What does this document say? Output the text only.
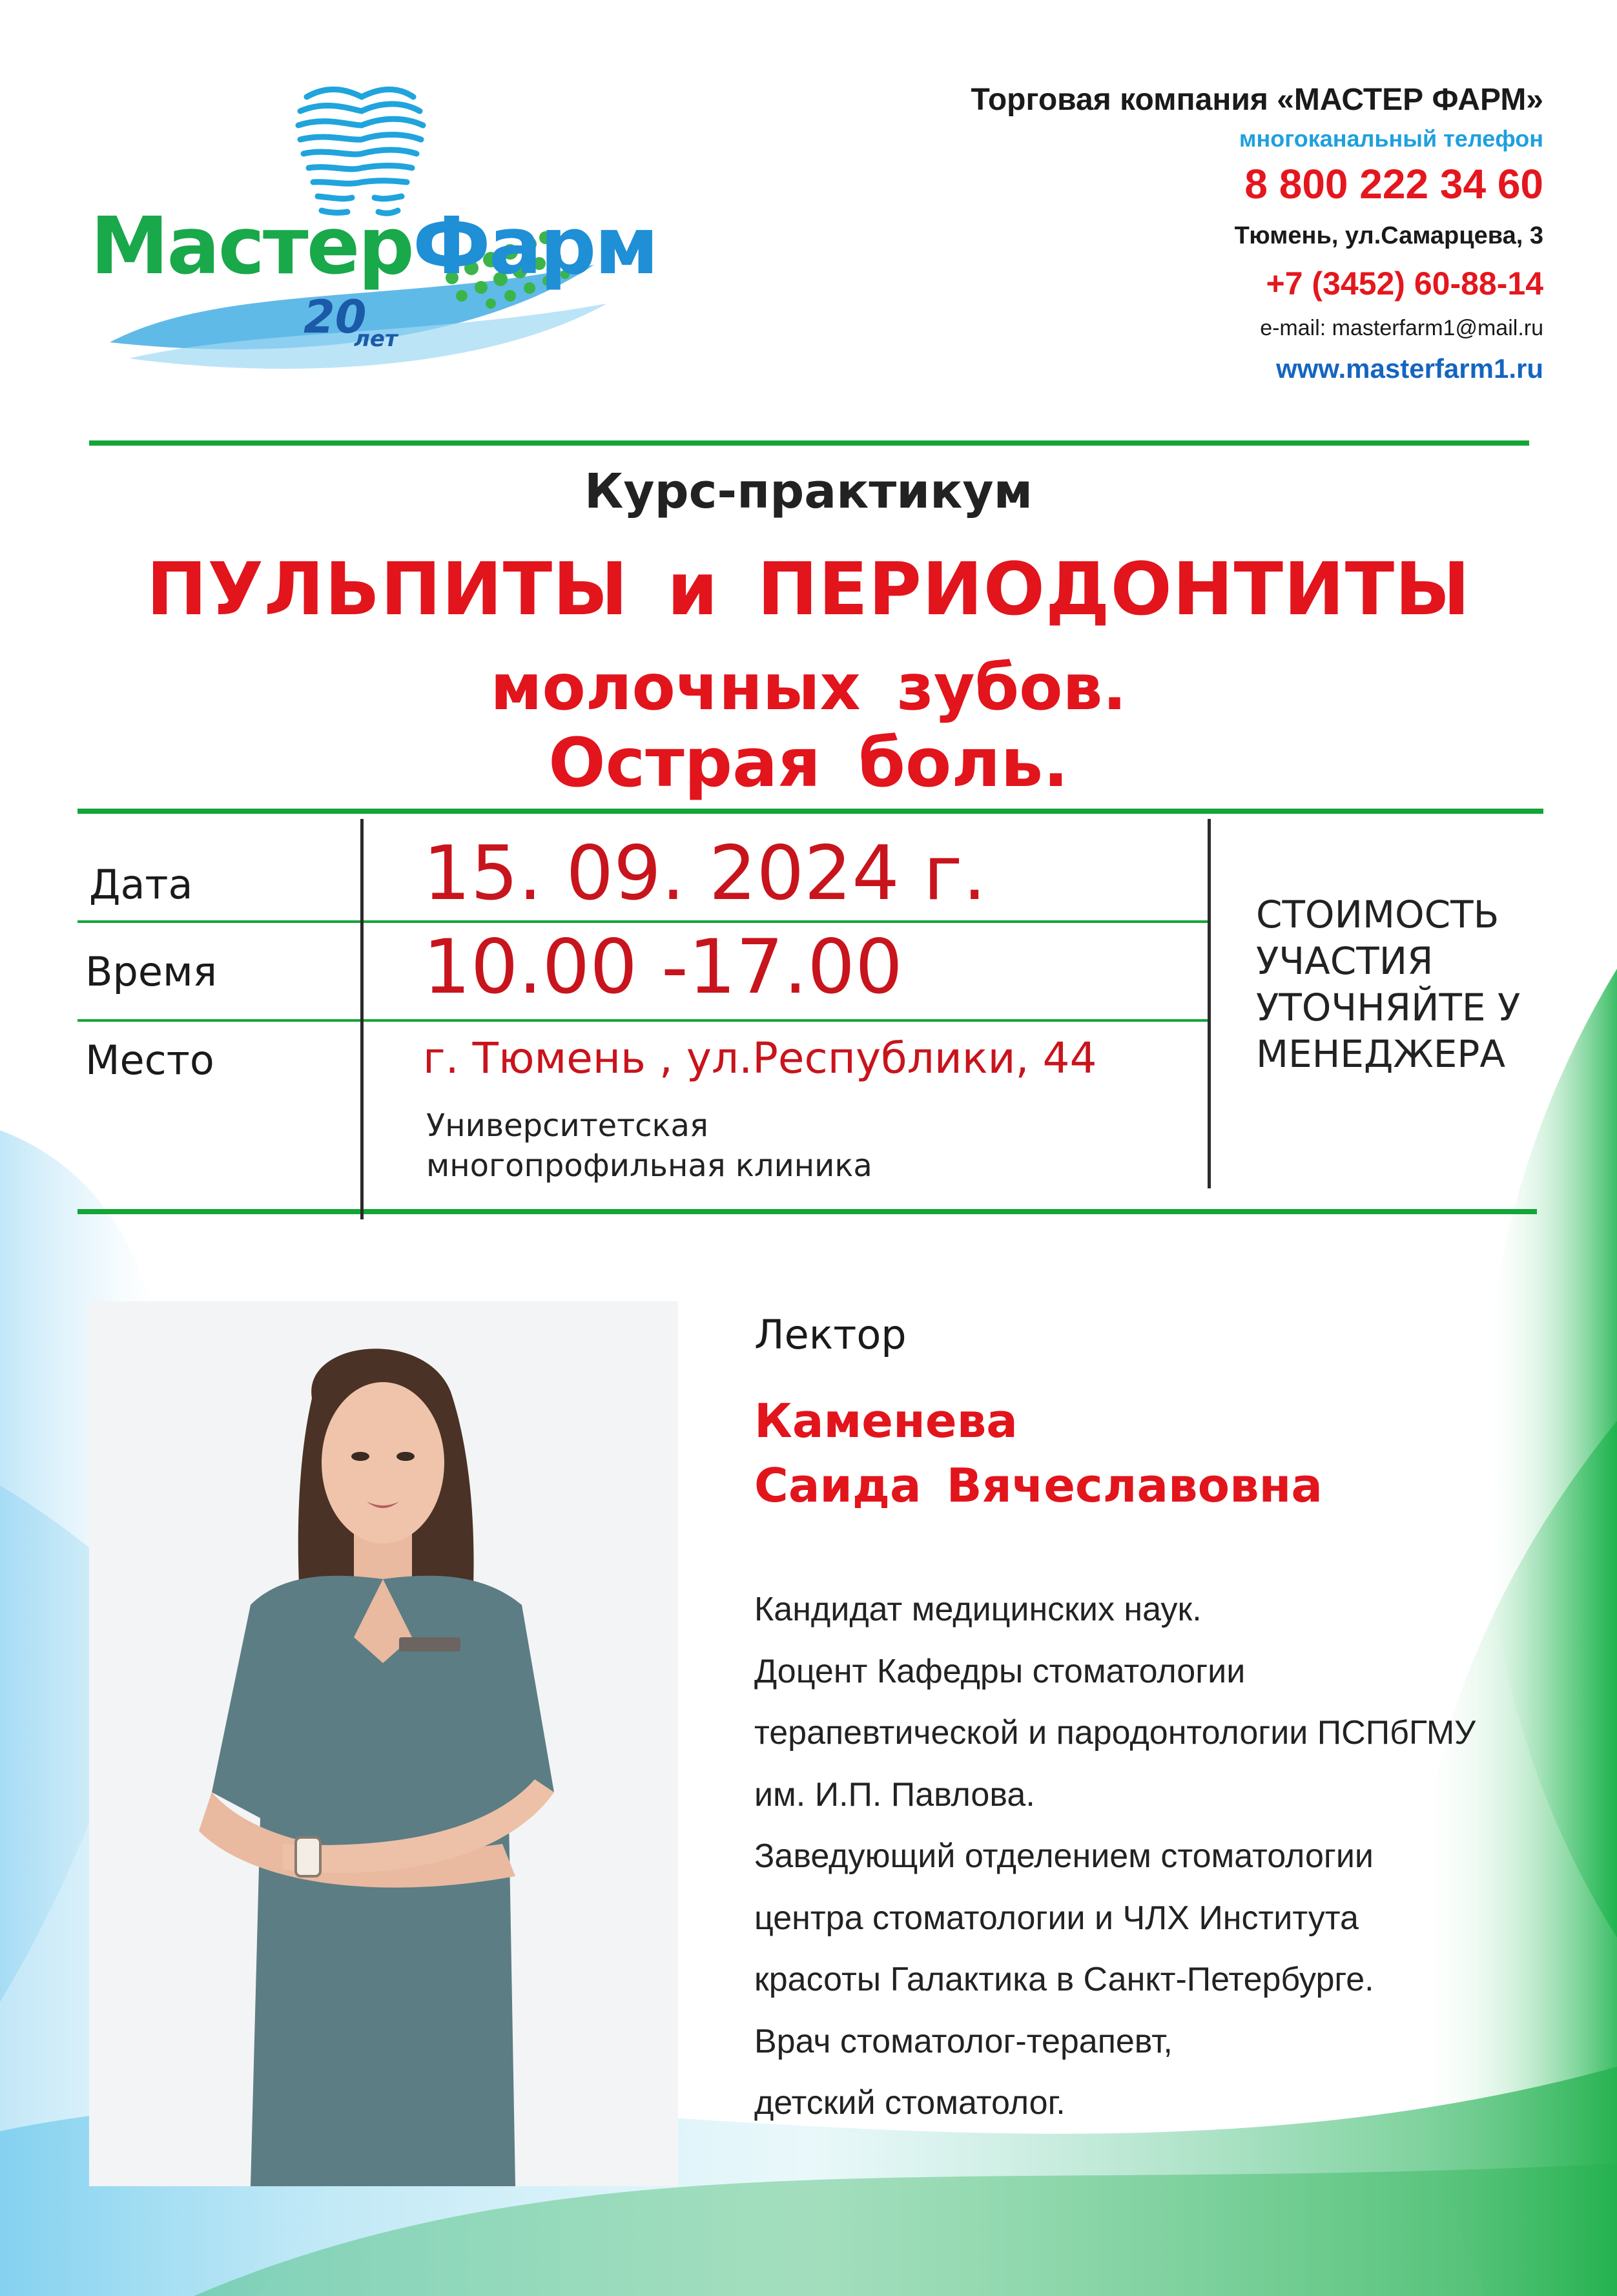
МастерФарм
20
лет
Торговая компания «МАСТЕР ФАРМ»
многоканальный телефон
8 800 222 34 60
Тюмень, ул.Самарцева, 3
+7 (3452) 60-88-14
e-mail: masterfarm1@mail.ru
www.masterfarm1.ru
Курс-практикум
ПУЛЬПИТЫ и ПЕРИОДОНТИТЫ
молочных зубов.
Острая боль.
Дата	15. 09. 2024 г.
Время	10.00 -17.00
Место	г. Тюмень , ул.Республики, 44
Университетская
многопрофильная клиника
СТОИМОСТЬ
УЧАСТИЯ
УТОЧНЯЙТЕ У
МЕНЕДЖЕРА
Лектор
Каменева
Саида Вячеславовна
Кандидат медицинских наук.
Доцент Кафедры стоматологии
терапевтической и пародонтологии ПСПбГМУ
им. И.П. Павлова.
Заведующий отделением стоматологии
центра стоматологии и ЧЛХ Института
красоты Галактика в Санкт-Петербурге.
Врач стоматолог-терапевт,
детский стоматолог.
